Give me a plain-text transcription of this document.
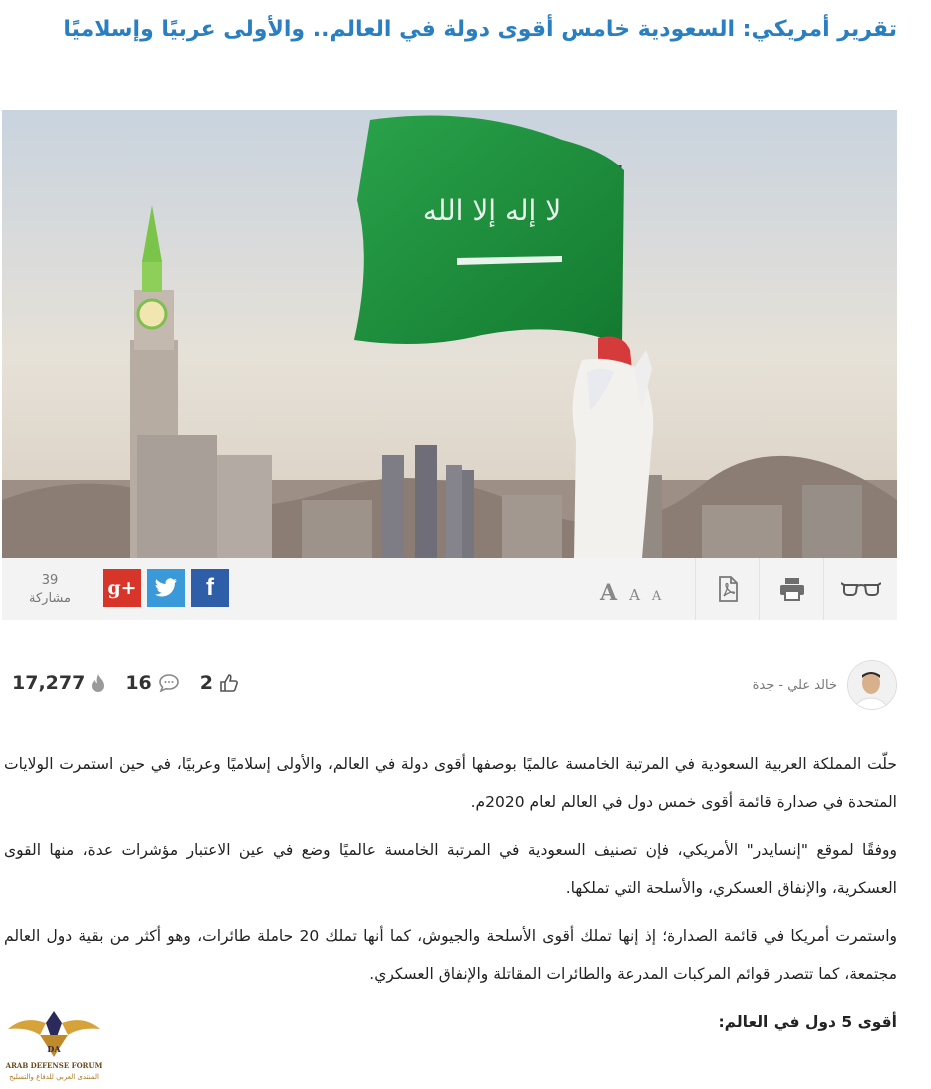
تقرير أمريكي: السعودية خامس أقوى دولة في العالم.. والأولى عربيًا وإسلاميًا
لا إله إلا الله
39
مشاركة g+	f	A A A
17,277 16	2	خالد علي - جدة

حلّت المملكة العربية السعودية في المرتبة الخامسة عالميًا بوصفها أقوى دولة في العالم، والأولى إسلاميًا وعربيًا، في حين استمرت الولايات المتحدة في صدارة قائمة أقوى خمس دول في العالم لعام 2020م.

ووفقًا لموقع "إنسايدر" الأمريكي، فإن تصنيف السعودية في المرتبة الخامسة عالميًا وضع في عين الاعتبار مؤشرات عدة، منها القوى العسكرية، والإنفاق العسكري، والأسلحة التي تملكها.

واستمرت أمريكا في قائمة الصدارة؛ إذ إنها تملك أقوى الأسلحة والجيوش، كما أنها تملك 20 حاملة طائرات، وهو أكثر من بقية دول العالم مجتمعة، كما تتصدر قوائم المركبات المدرعة والطائرات المقاتلة والإنفاق العسكري.

أقوى 5 دول في العالم:

DA
ARAB DEFENSE FORUM
المنتدى العربي للدفاع والتسليح
